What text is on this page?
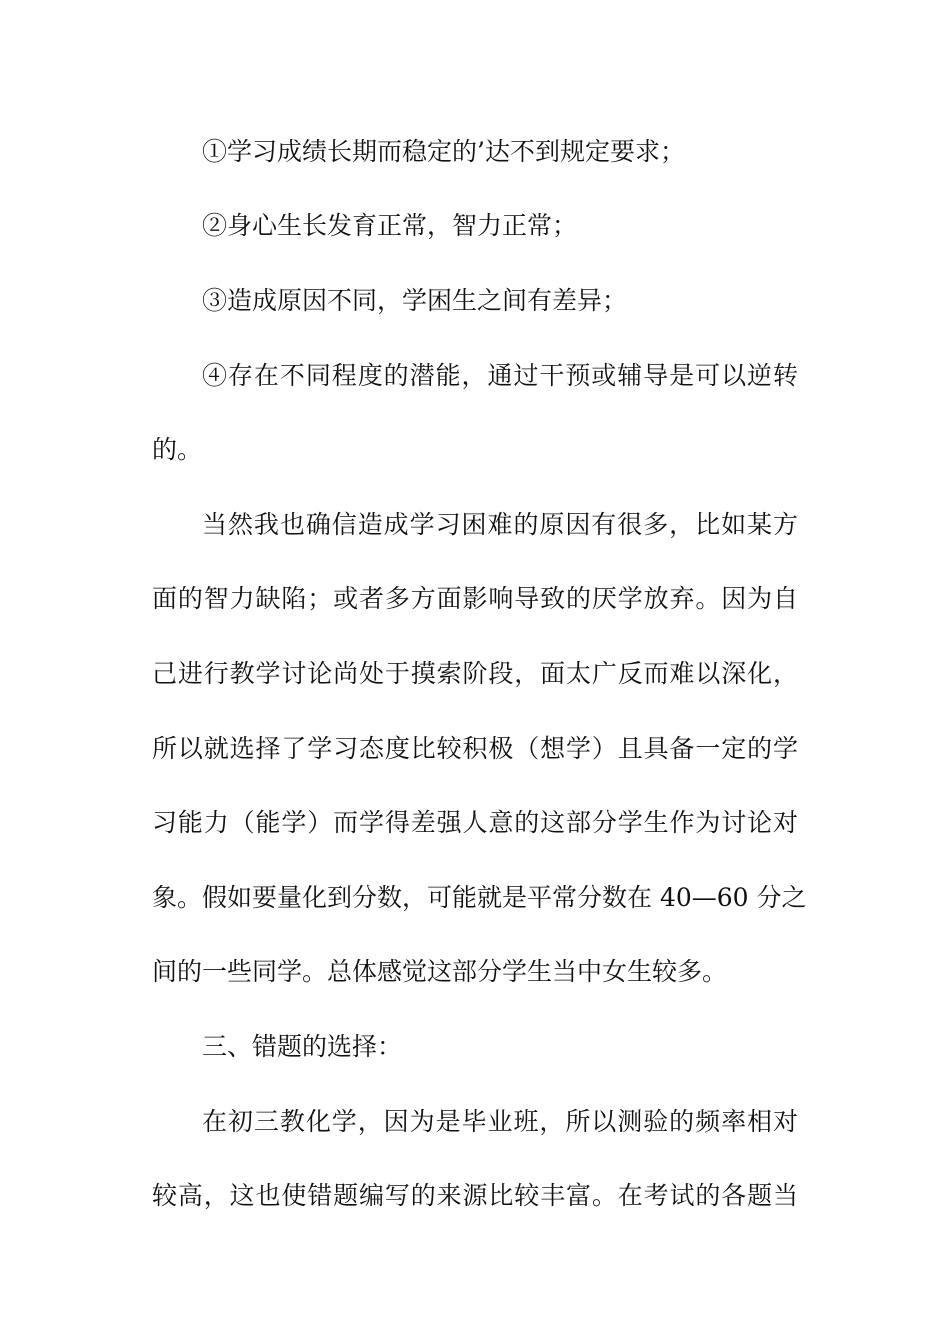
①学习成绩长期而稳定的’达不到规定要求；
②身心生长发育正常，智力正常；
③造成原因不同，学困生之间有差异；
④存在不同程度的潜能，通过干预或辅导是可以逆转
的。
当然我也确信造成学习困难的原因有很多，比如某方
面的智力缺陷；或者多方面影响导致的厌学放弃。因为自
己进行教学讨论尚处于摸索阶段，面太广反而难以深化，
所以就选择了学习态度比较积极（想学）且具备一定的学
习能力（能学）而学得差强人意的这部分学生作为讨论对
象。假如要量化到分数，可能就是平常分数在 40—60 分之
间的一些同学。总体感觉这部分学生当中女生较多。
三、错题的选择：
在初三教化学，因为是毕业班，所以测验的频率相对
较高，这也使错题编写的来源比较丰富。在考试的各题当
